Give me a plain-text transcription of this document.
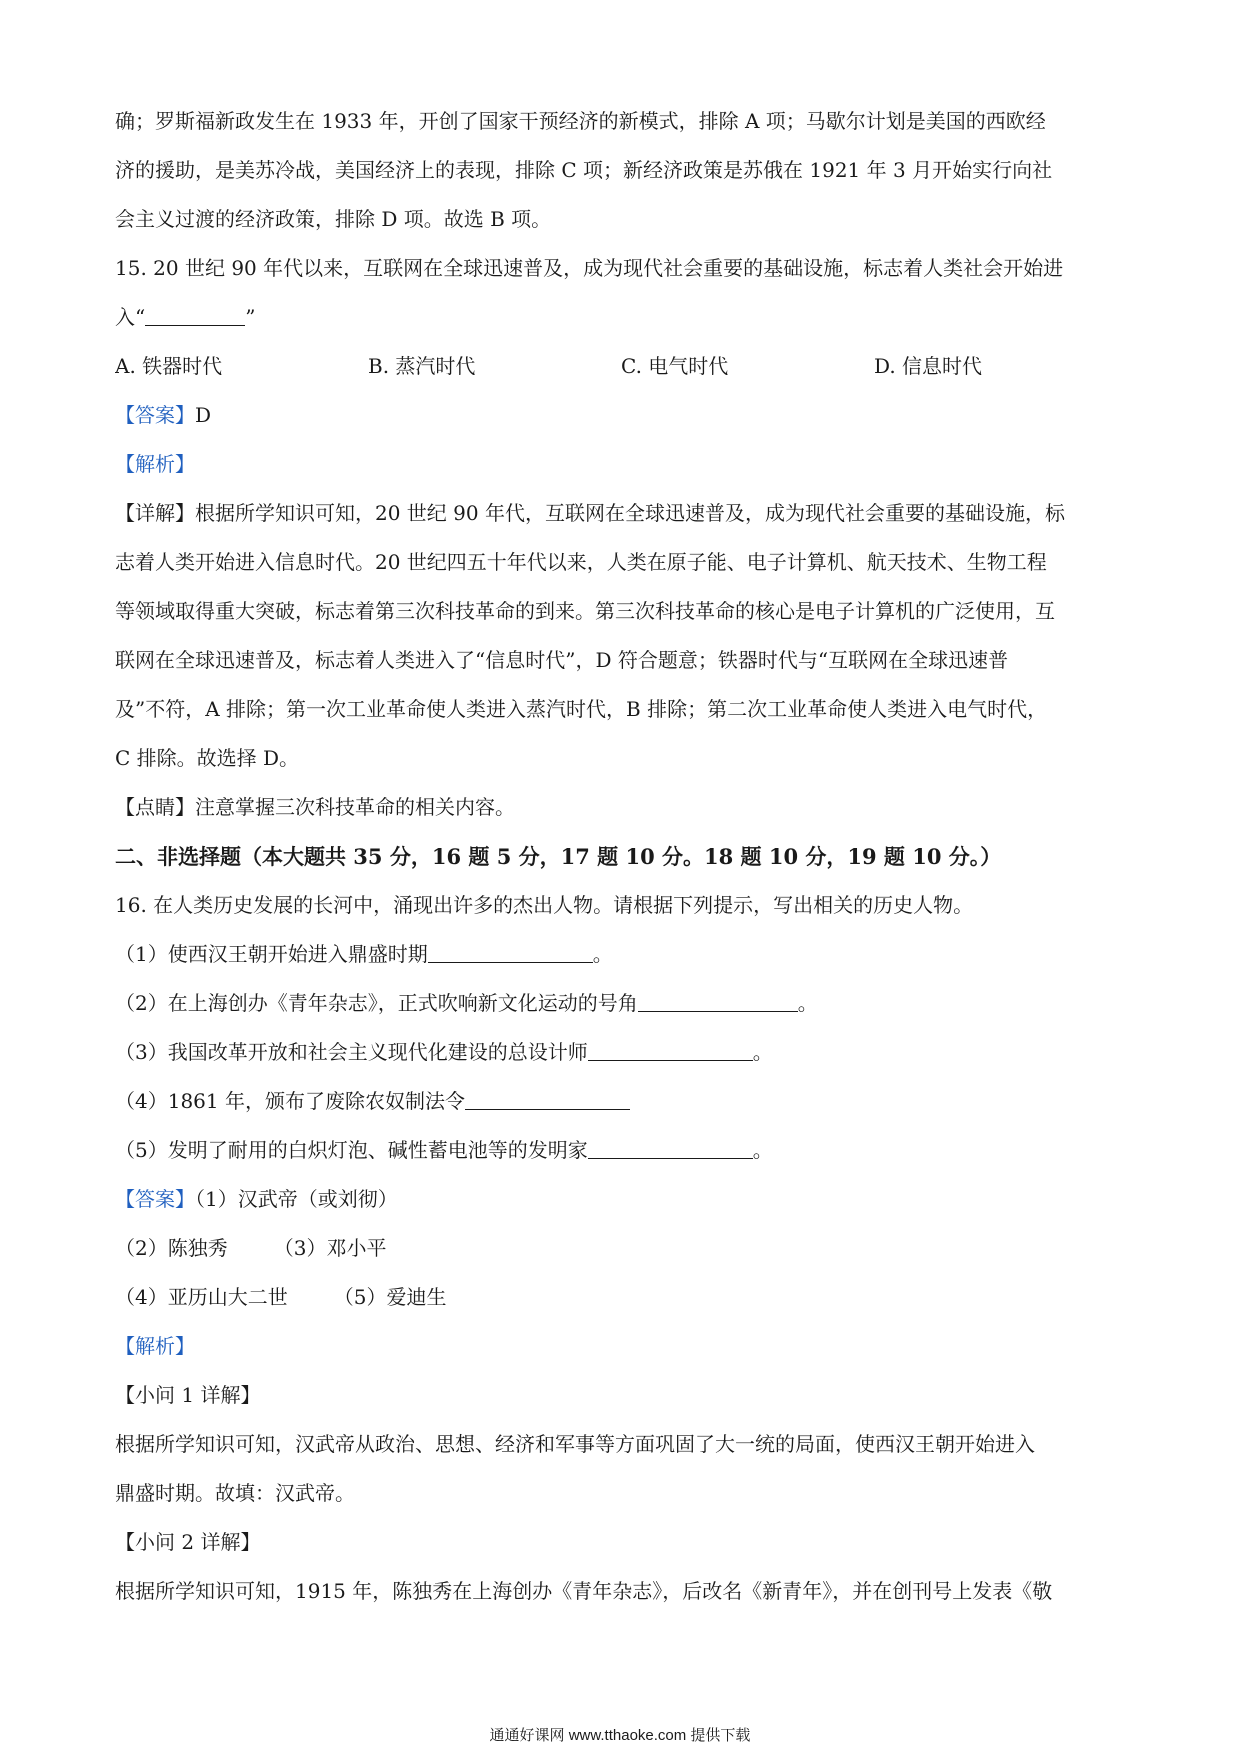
确；罗斯福新政发生在 1933 年，开创了国家干预经济的新模式，排除 A 项；马歇尔计划是美国的西欧经
济的援助，是美苏冷战，美国经济上的表现，排除 C 项；新经济政策是苏俄在 1921 年 3 月开始实行向社
会主义过渡的经济政策，排除 D 项。故选 B 项。
15. 20 世纪 90 年代以来，互联网在全球迅速普及，成为现代社会重要的基础设施，标志着人类社会开始进
入“	”
A. 铁器时代	B. 蒸汽时代	C. 电气时代	D. 信息时代
【答案】D
【解析】
【详解】根据所学知识可知，20 世纪 90 年代，互联网在全球迅速普及，成为现代社会重要的基础设施，标
志着人类开始进入信息时代。20 世纪四五十年代以来，人类在原子能、电子计算机、航天技术、生物工程
等领域取得重大突破，标志着第三次科技革命的到来。第三次科技革命的核心是电子计算机的广泛使用，互
联网在全球迅速普及，标志着人类进入了“信息时代”，D 符合题意；铁器时代与“互联网在全球迅速普
及”不符，A 排除；第一次工业革命使人类进入蒸汽时代，B 排除；第二次工业革命使人类进入电气时代，
C 排除。故选择 D。
【点睛】注意掌握三次科技革命的相关内容。
二、非选择题（本大题共 35 分，16 题 5 分，17 题 10 分。18 题 10 分，19 题 10 分。）
16. 在人类历史发展的长河中，涌现出许多的杰出人物。请根据下列提示，写出相关的历史人物。
（1）使西汉王朝开始进入鼎盛时期	。
（2）在上海创办《青年杂志》，正式吹响新文化运动的号角	。
（3）我国改革开放和社会主义现代化建设的总设计师	。
（4）1861 年，颁布了废除农奴制法令
（5）发明了耐用的白炽灯泡、碱性蓄电池等的发明家	。
【答案】（1）汉武帝（或刘彻）
（2）陈独秀 （3）邓小平
（4）亚历山大二世 （5）爱迪生
【解析】
【小问 1 详解】
根据所学知识可知，汉武帝从政治、思想、经济和军事等方面巩固了大一统的局面，使西汉王朝开始进入
鼎盛时期。故填：汉武帝。
【小问 2 详解】
根据所学知识可知，1915 年，陈独秀在上海创办《青年杂志》，后改名《新青年》，并在创刊号上发表《敬
通通好课网 www.tthaoke.com 提供下载
